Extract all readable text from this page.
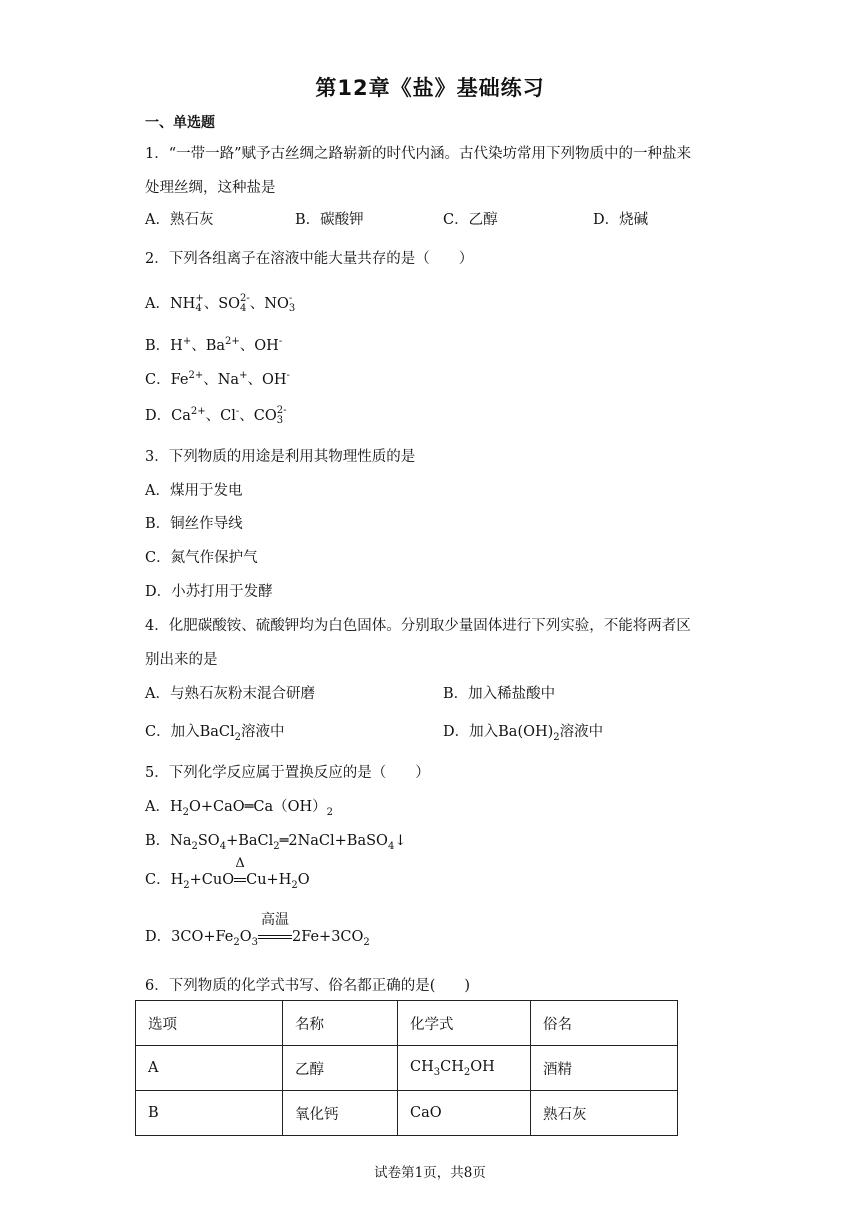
第12章《盐》基础练习
一、单选题
1．“一带一路”赋予古丝绸之路崭新的时代内涵。古代染坊常用下列物质中的一种盐来
处理丝绸，这种盐是
A．熟石灰	B．碳酸钾	C．乙醇	D．烧碱
2．下列各组离子在溶液中能大量共存的是（　　）
A．NH +
4 、SO 2-
4 、NO -
3
B．H+、$Ba^{2+}$、OH-
C．$Fe^{2+}$、Na+、OH-
D．$Ca^{2+}$、Cl-、CO 2-
3
3．下列物质的用途是利用其物理性质的是
A．煤用于发电
B．铜丝作导线
C．氮气作保护气
D．小苏打用于发酵
4．化肥碳酸铵、硫酸钾均为白色固体。分别取少量固体进行下列实验，不能将两者区
别出来的是
A．与熟石灰粉末混合研磨	B．加入稀盐酸中
C．加入BaCl$_2$溶液中	D．加入$Ba(OH)_2$溶液中
5．下列化学反应属于置换反应的是（　　）
A．$H_2O+CaO═Ca(OH)_2$
B．$Na_2SO_4+BaCl_2═2NaCl+BaSO_4↓$
C．$H_2+CuO$
Δ
$Cu+H_2O$
D．$3CO+Fe_2O_3$
高温
$2Fe+3CO_2$
6．下列物质的化学式书写、俗名都正确的是(　　)
选项	名称	化学式	俗名
A	乙醇	$CH_3CH_2OH$	酒精
B	氧化钙	CaO	熟石灰
试卷第1页，共8页
